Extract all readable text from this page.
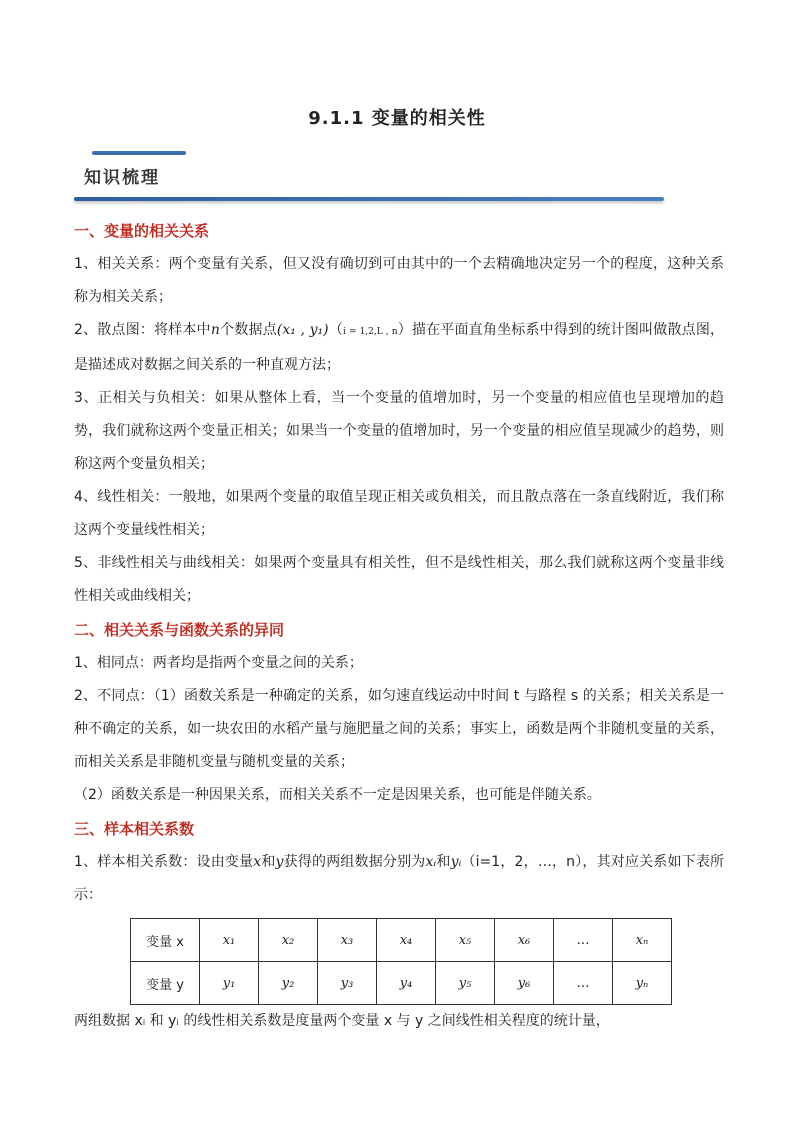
9.1.1 变量的相关性
知识梳理

一、变量的相关关系

1、相关关系：两个变量有关系，但又没有确切到可由其中的一个去精确地决定另一个的程度，这种关系称为相关关系；

2、散点图：将样本中n个数据点(x₁ , y₁)（i = 1,2,L , n）描在平面直角坐标系中得到的统计图叫做散点图，是描述成对数据之间关系的一种直观方法；

3、正相关与负相关：如果从整体上看，当一个变量的值增加时，另一个变量的相应值也呈现增加的趋势，我们就称这两个变量正相关；如果当一个变量的值增加时，另一个变量的相应值呈现减少的趋势，则称这两个变量负相关；

4、线性相关：一般地，如果两个变量的取值呈现正相关或负相关，而且散点落在一条直线附近，我们称这两个变量线性相关；

5、非线性相关与曲线相关：如果两个变量具有相关性，但不是线性相关，那么我们就称这两个变量非线性相关或曲线相关；

二、相关关系与函数关系的异同

1、相同点：两者均是指两个变量之间的关系；

2、不同点：（1）函数关系是一种确定的关系，如匀速直线运动中时间 t 与路程 s 的关系；相关关系是一种不确定的关系，如一块农田的水稻产量与施肥量之间的关系；事实上，函数是两个非随机变量的关系，而相关关系是非随机变量与随机变量的关系；

（2）函数关系是一种因果关系，而相关关系不一定是因果关系，也可能是伴随关系。

三、样本相关系数

1、样本相关系数：设由变量x和y获得的两组数据分别为xᵢ和yᵢ（i=1，2，…，n），其对应关系如下表所示：

变量 x	x₁	x₂	x₃	x₄	x₅	x₆	…	xₙ
变量 y	y₁	y₂	y₃	y₄	y₅	y₆	…	yₙ

两组数据 xᵢ 和 yᵢ 的线性相关系数是度量两个变量 x 与 y 之间线性相关程度的统计量，
